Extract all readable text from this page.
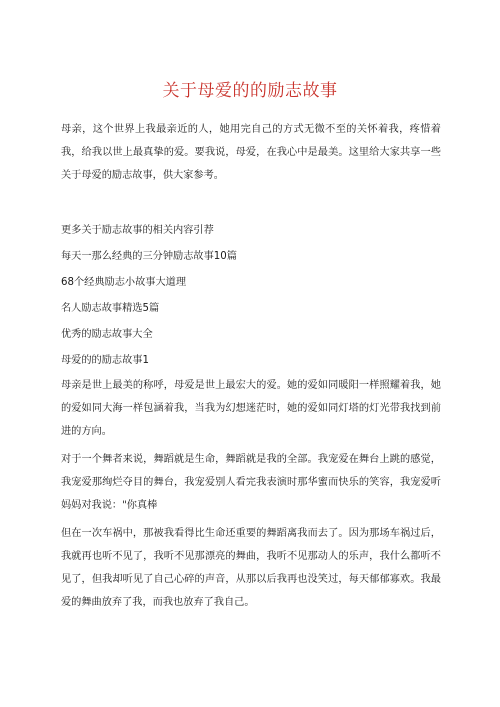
关于母爱的的励志故事

母亲，这个世界上我最亲近的人，她用完自己的方式无微不至的关怀着我，疼惜着我，给我以世上最真挚的爱。要我说，母爱，在我心中是最美。这里给大家共享一些关于母爱的励志故事，供大家参考。

更多关于励志故事的相关内容引荐

每天一那么经典的三分钟励志故事10篇

68个经典励志小故事大道理

名人励志故事精选5篇

优秀的励志故事大全

母爱的的励志故事1

母亲是世上最美的称呼，母爱是世上最宏大的爱。她的爱如同暖阳一样照耀着我，她的爱如同大海一样包涵着我，当我为幻想迷茫时，她的爱如同灯塔的灯光带我找到前进的方向。

对于一个舞者来说，舞蹈就是生命，舞蹈就是我的全部。我宠爱在舞台上跳的感觉，我宠爱那绚烂夺目的舞台，我宠爱别人看完我表演时那华蜜而快乐的笑容，我宠爱听妈妈对我说："你真棒

但在一次车祸中，那被我看得比生命还重要的舞蹈离我而去了。因为那场车祸过后，我就再也听不见了，我听不见那漂亮的舞曲，我听不见那动人的乐声，我什么都听不见了，但我却听见了自己心碎的声音，从那以后我再也没笑过，每天郁郁寡欢。我最爱的舞曲放弃了我，而我也放弃了我自己。
